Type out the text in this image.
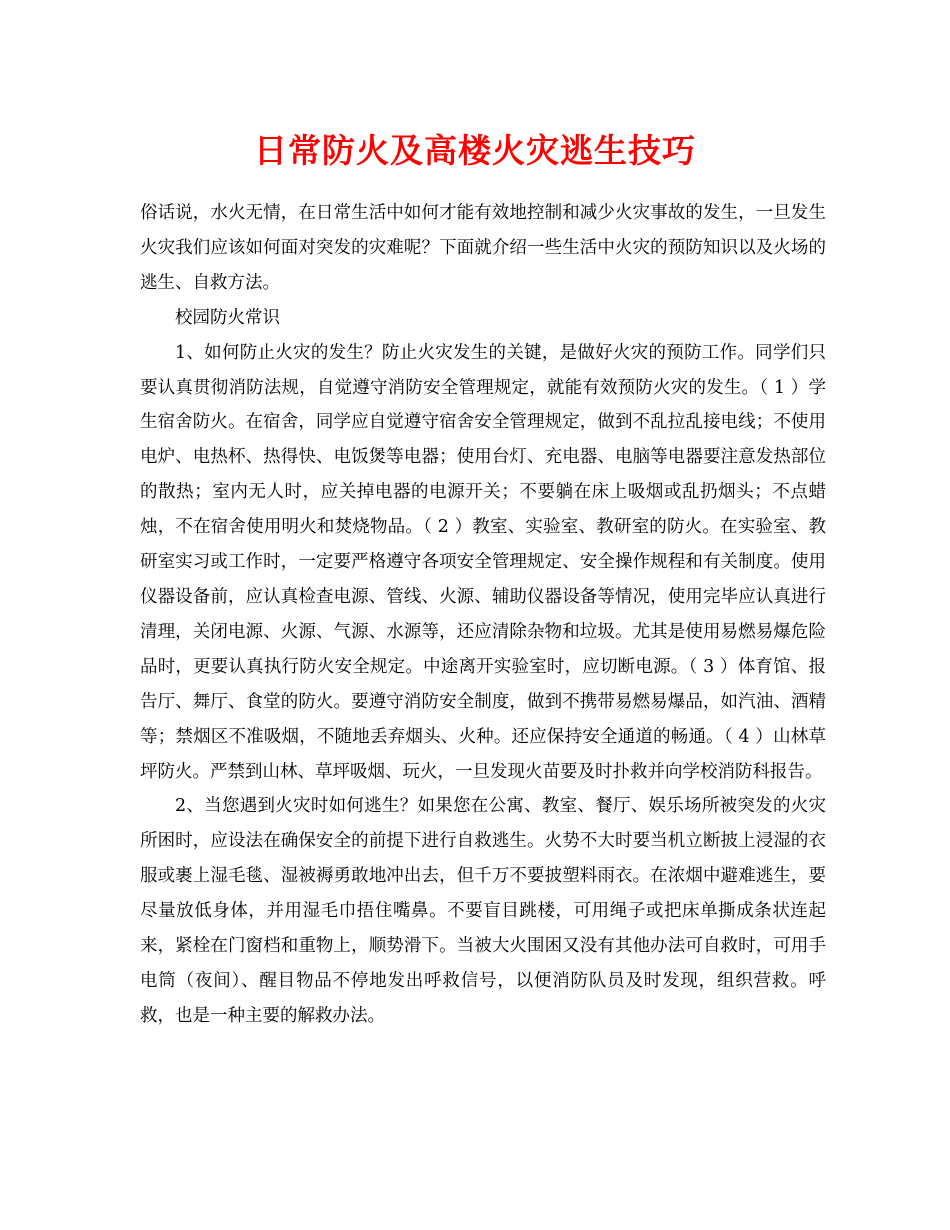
日常防火及高楼火灾逃生技巧

俗话说，水火无情，在日常生活中如何才能有效地控制和减少火灾事故的发生，一旦发生火灾我们应该如何面对突发的灾难呢？下面就介绍一些生活中火灾的预防知识以及火场的逃生、自救方法。

校园防火常识

1、如何防止火灾的发生？防止火灾发生的关键，是做好火灾的预防工作。同学们只要认真贯彻消防法规，自觉遵守消防安全管理规定，就能有效预防火灾的发生。（ 1 ）学生宿舍防火。在宿舍，同学应自觉遵守宿舍安全管理规定，做到不乱拉乱接电线；不使用电炉、电热杯、热得快、电饭煲等电器；使用台灯、充电器、电脑等电器要注意发热部位的散热；室内无人时，应关掉电器的电源开关；不要躺在床上吸烟或乱扔烟头；不点蜡烛，不在宿舍使用明火和焚烧物品。（ 2 ）教室、实验室、教研室的防火。在实验室、教研室实习或工作时，一定要严格遵守各项安全管理规定、安全操作规程和有关制度。使用仪器设备前，应认真检查电源、管线、火源、辅助仪器设备等情况，使用完毕应认真进行清理，关闭电源、火源、气源、水源等，还应清除杂物和垃圾。尤其是使用易燃易爆危险品时，更要认真执行防火安全规定。中途离开实验室时，应切断电源。（ 3 ）体育馆、报告厅、舞厅、食堂的防火。要遵守消防安全制度，做到不携带易燃易爆品，如汽油、酒精等；禁烟区不准吸烟，不随地丢弃烟头、火种。还应保持安全通道的畅通。（ 4 ）山林草坪防火。严禁到山林、草坪吸烟、玩火，一旦发现火苗要及时扑救并向学校消防科报告。

2、当您遇到火灾时如何逃生？如果您在公寓、教室、餐厅、娱乐场所被突发的火灾所困时，应设法在确保安全的前提下进行自救逃生。火势不大时要当机立断披上浸湿的衣服或裹上湿毛毯、湿被褥勇敢地冲出去，但千万不要披塑料雨衣。在浓烟中避难逃生，要尽量放低身体，并用湿毛巾捂住嘴鼻。不要盲目跳楼，可用绳子或把床单撕成条状连起来，紧栓在门窗档和重物上，顺势滑下。当被大火围困又没有其他办法可自救时，可用手电筒（夜间）、醒目物品不停地发出呼救信号，以便消防队员及时发现，组织营救。呼救，也是一种主要的解救办法。
